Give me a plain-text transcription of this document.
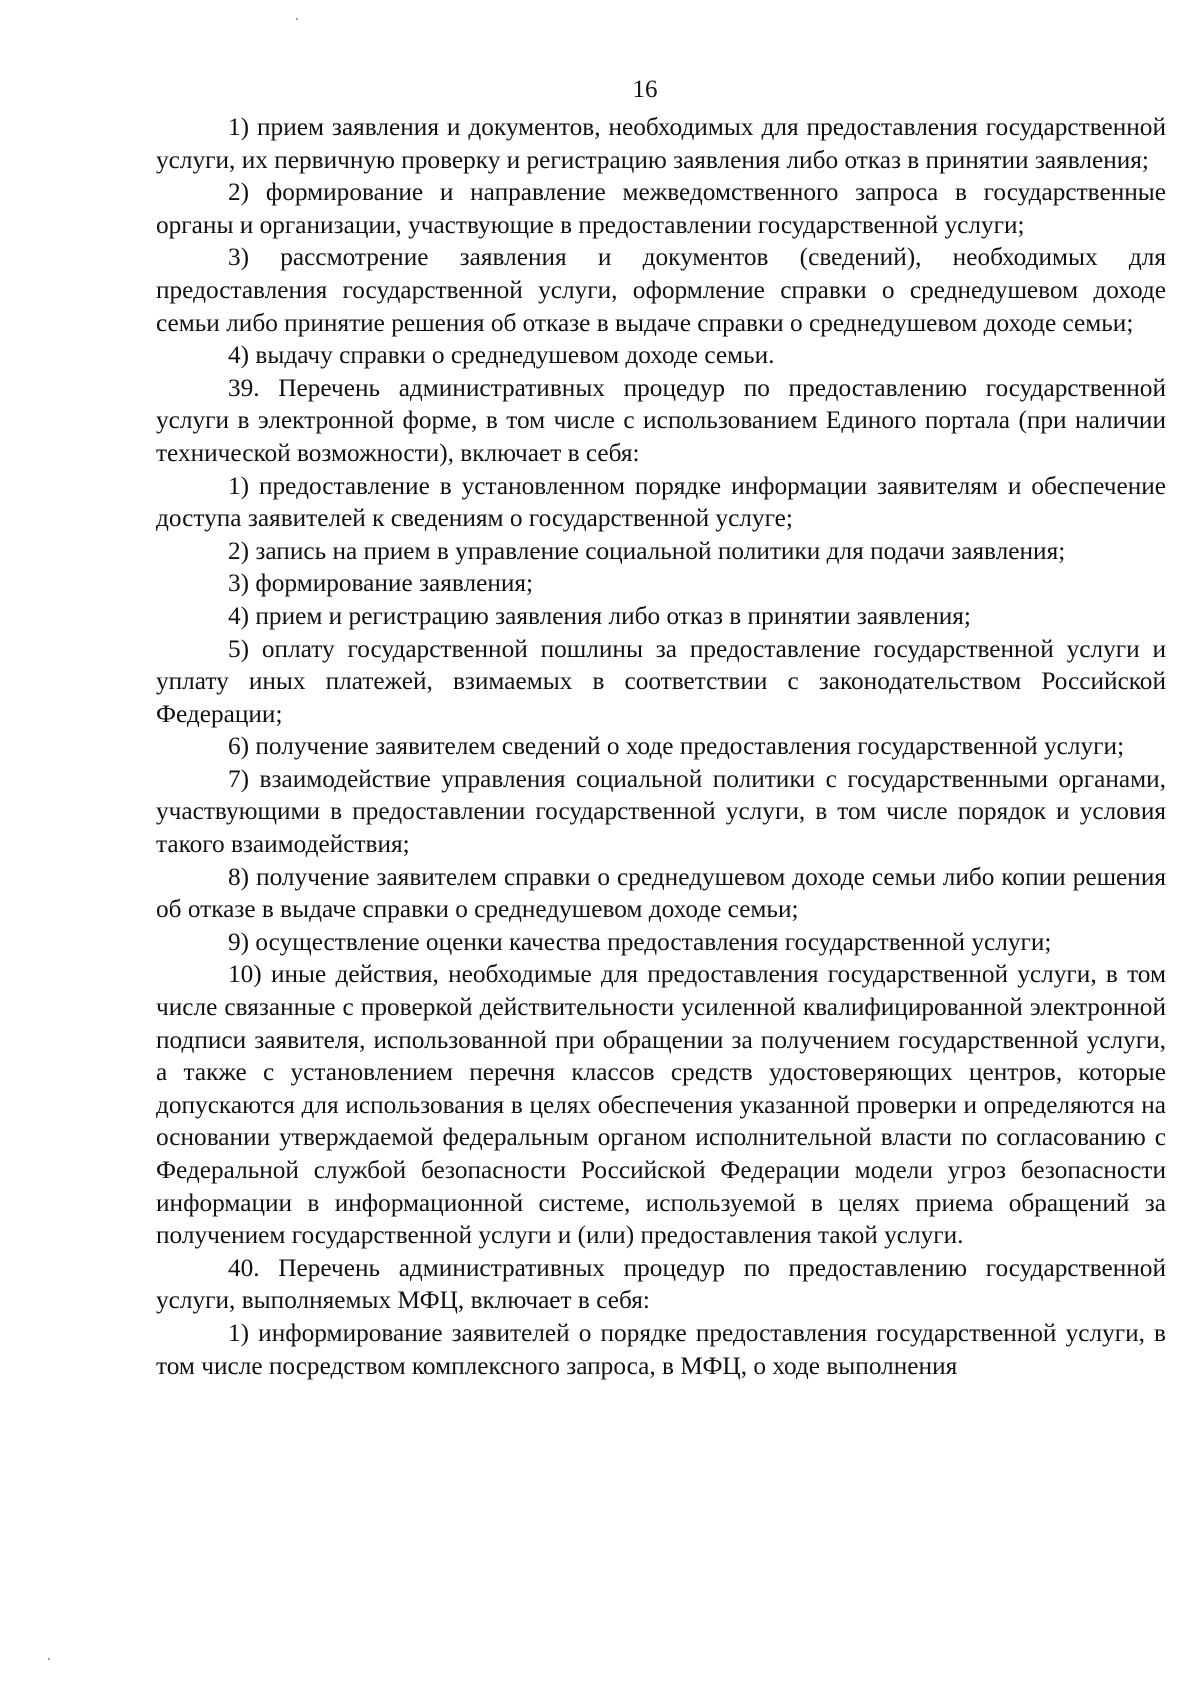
16

1) прием заявления и документов, необходимых для предоставления государственной услуги, их первичную проверку и регистрацию заявления либо отказ в принятии заявления;

2) формирование и направление межведомственного запроса в государственные органы и организации, участвующие в предоставлении государственной услуги;

3) рассмотрение заявления и документов (сведений), необходимых для предоставления государственной услуги, оформление справки о среднедушевом доходе семьи либо принятие решения об отказе в выдаче справки о среднедушевом доходе семьи;

4) выдачу справки о среднедушевом доходе семьи.

39. Перечень административных процедур по предоставлению государственной услуги в электронной форме, в том числе с использованием Единого портала (при наличии технической возможности), включает в себя:

1) предоставление в установленном порядке информации заявителям и обеспечение доступа заявителей к сведениям о государственной услуге;

2) запись на прием в управление социальной политики для подачи заявления;

3) формирование заявления;

4) прием и регистрацию заявления либо отказ в принятии заявления;

5) оплату государственной пошлины за предоставление государственной услуги и уплату иных платежей, взимаемых в соответствии с законодательством Российской Федерации;

6) получение заявителем сведений о ходе предоставления государственной услуги;

7) взаимодействие управления социальной политики с государственными органами, участвующими в предоставлении государственной услуги, в том числе порядок и условия такого взаимодействия;

8) получение заявителем справки о среднедушевом доходе семьи либо копии решения об отказе в выдаче справки о среднедушевом доходе семьи;

9) осуществление оценки качества предоставления государственной услуги;

10) иные действия, необходимые для предоставления государственной услуги, в том числе связанные с проверкой действительности усиленной квалифицированной электронной подписи заявителя, использованной при обращении за получением государственной услуги, а также с установлением перечня классов средств удостоверяющих центров, которые допускаются для использования в целях обеспечения указанной проверки и определяются на основании утверждаемой федеральным органом исполнительной власти по согласованию с Федеральной службой безопасности Российской Федерации модели угроз безопасности информации в информационной системе, используемой в целях приема обращений за получением государственной услуги и (или) предоставления такой услуги.

40. Перечень административных процедур по предоставлению государственной услуги, выполняемых МФЦ, включает в себя:

1) информирование заявителей о порядке предоставления государственной услуги, в том числе посредством комплексного запроса, в МФЦ, о ходе выполнения
